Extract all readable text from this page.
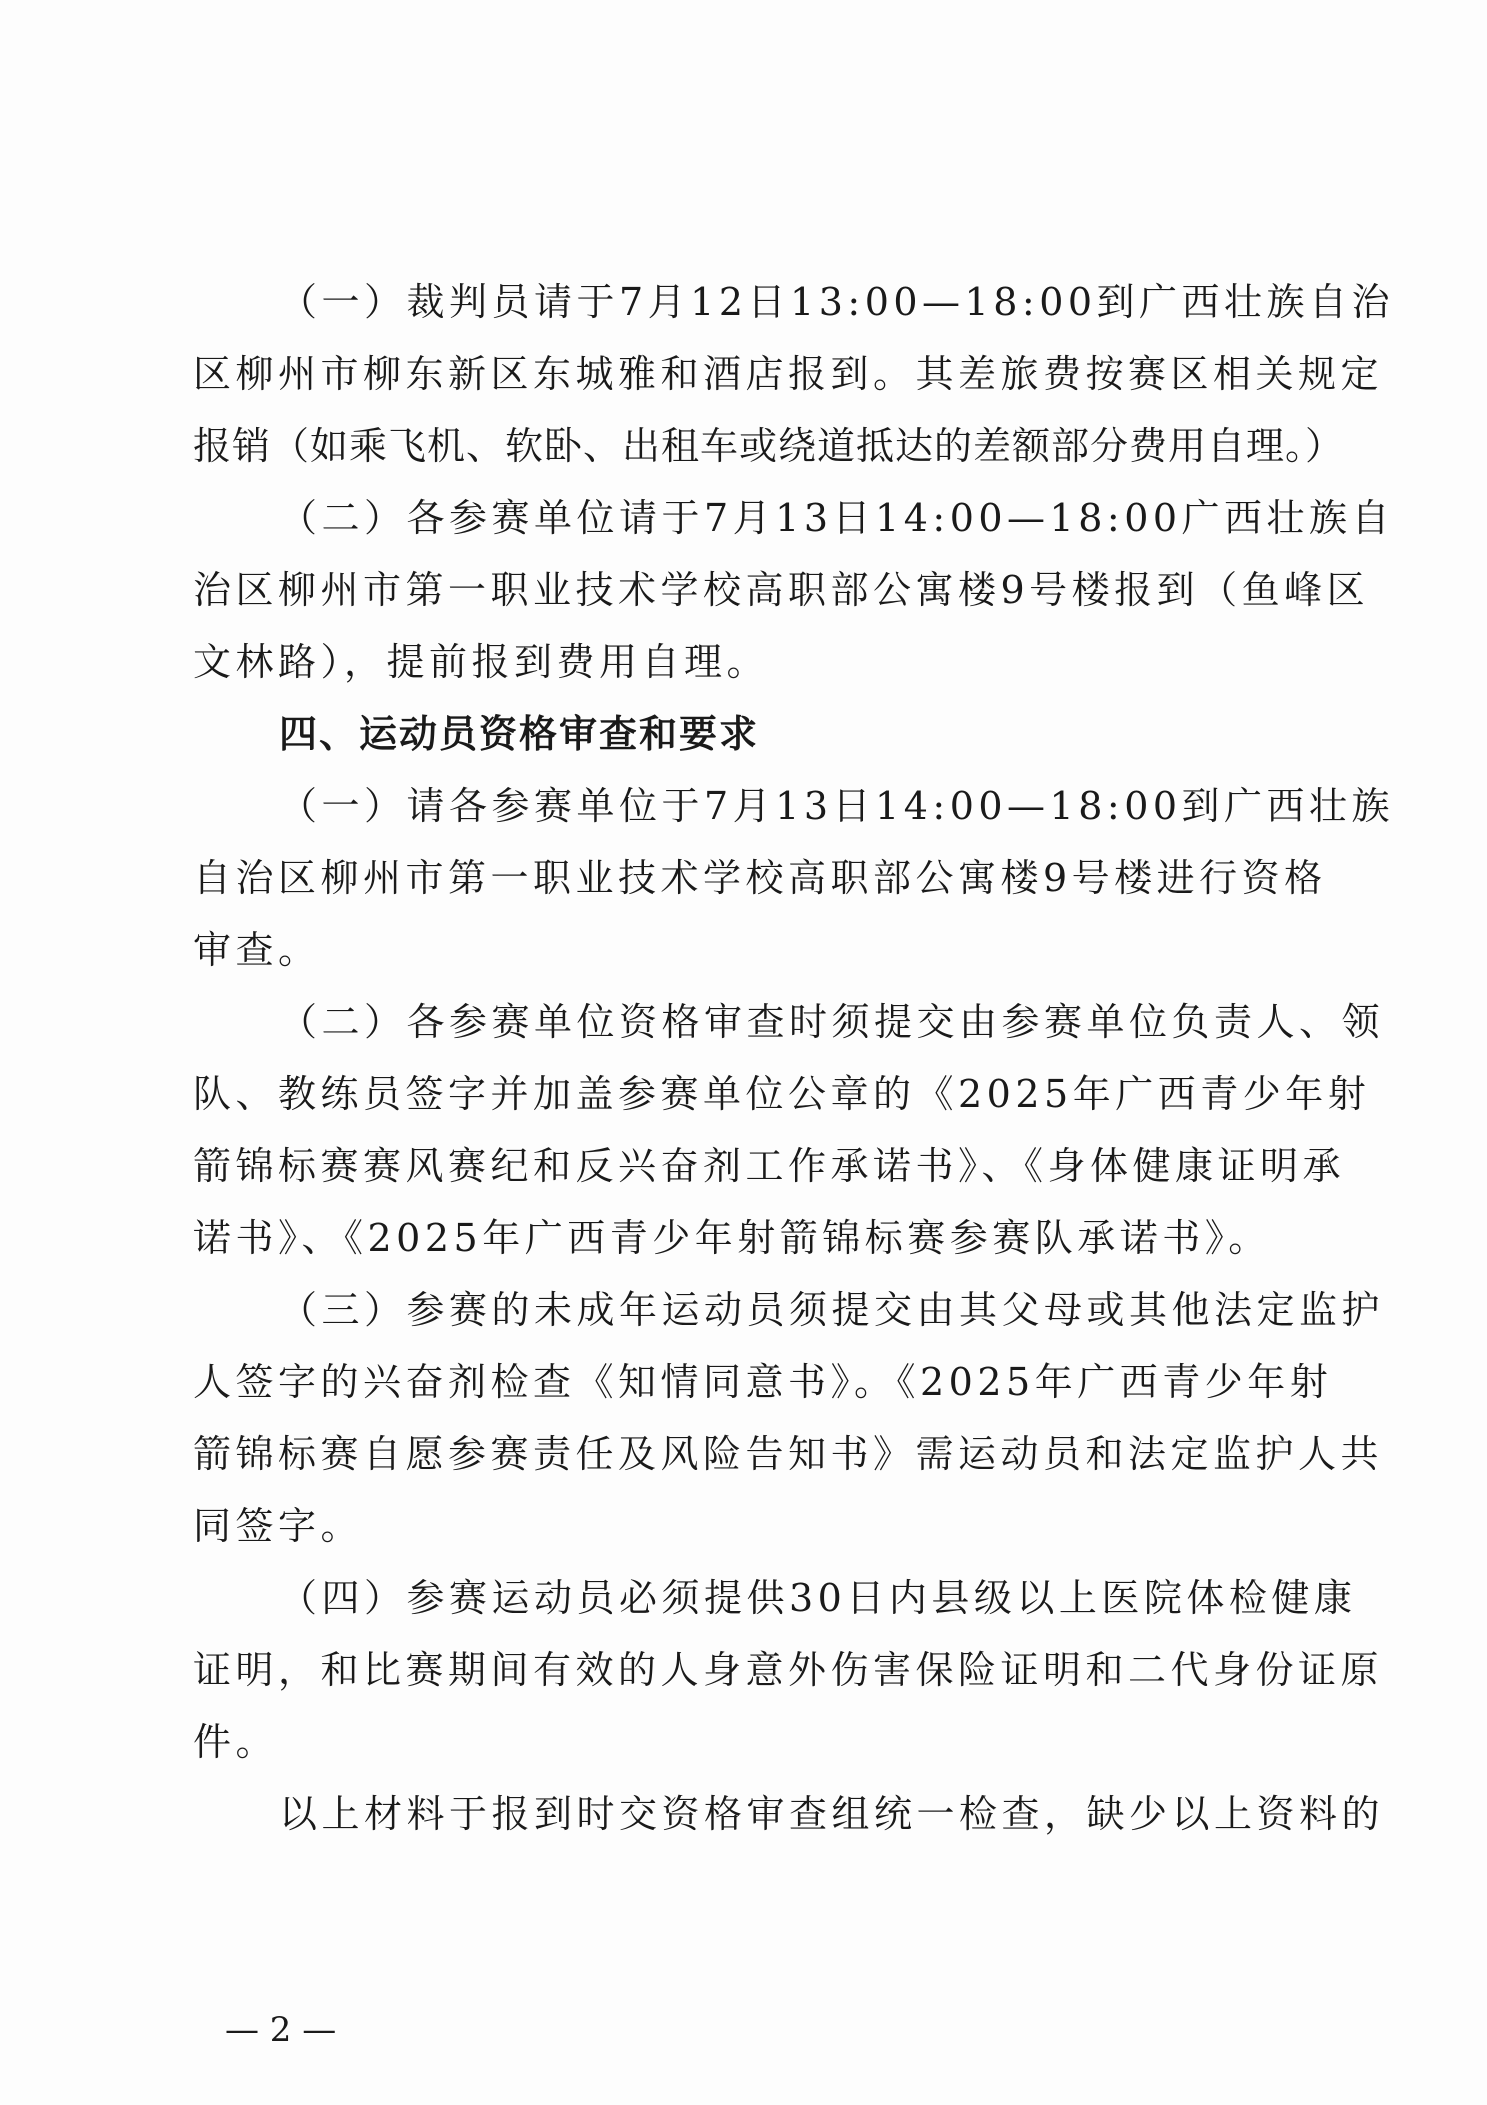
（一）裁判员请于7月12日13:00—18:00到广西壮族自治
区柳州市柳东新区东城雅和酒店报到。其差旅费按赛区相关规定
报销（如乘飞机、软卧、出租车或绕道抵达的差额部分费用自理。）
（二）各参赛单位请于7月13日14:00—18:00广西壮族自
治区柳州市第一职业技术学校高职部公寓楼9号楼报到（鱼峰区
文林路），提前报到费用自理。
四、运动员资格审查和要求
（一）请各参赛单位于7月13日14:00—18:00到广西壮族
自治区柳州市第一职业技术学校高职部公寓楼9号楼进行资格
审查。
（二）各参赛单位资格审查时须提交由参赛单位负责人、领
队、教练员签字并加盖参赛单位公章的《2025年广西青少年射
箭锦标赛赛风赛纪和反兴奋剂工作承诺书》、《身体健康证明承
诺书》、《2025年广西青少年射箭锦标赛参赛队承诺书》。
（三）参赛的未成年运动员须提交由其父母或其他法定监护
人签字的兴奋剂检查《知情同意书》。《2025年广西青少年射
箭锦标赛自愿参赛责任及风险告知书》需运动员和法定监护人共
同签字。
（四）参赛运动员必须提供30日内县级以上医院体检健康
证明，和比赛期间有效的人身意外伤害保险证明和二代身份证原
件。
以上材料于报到时交资格审查组统一检查，缺少以上资料的
— 2 —
